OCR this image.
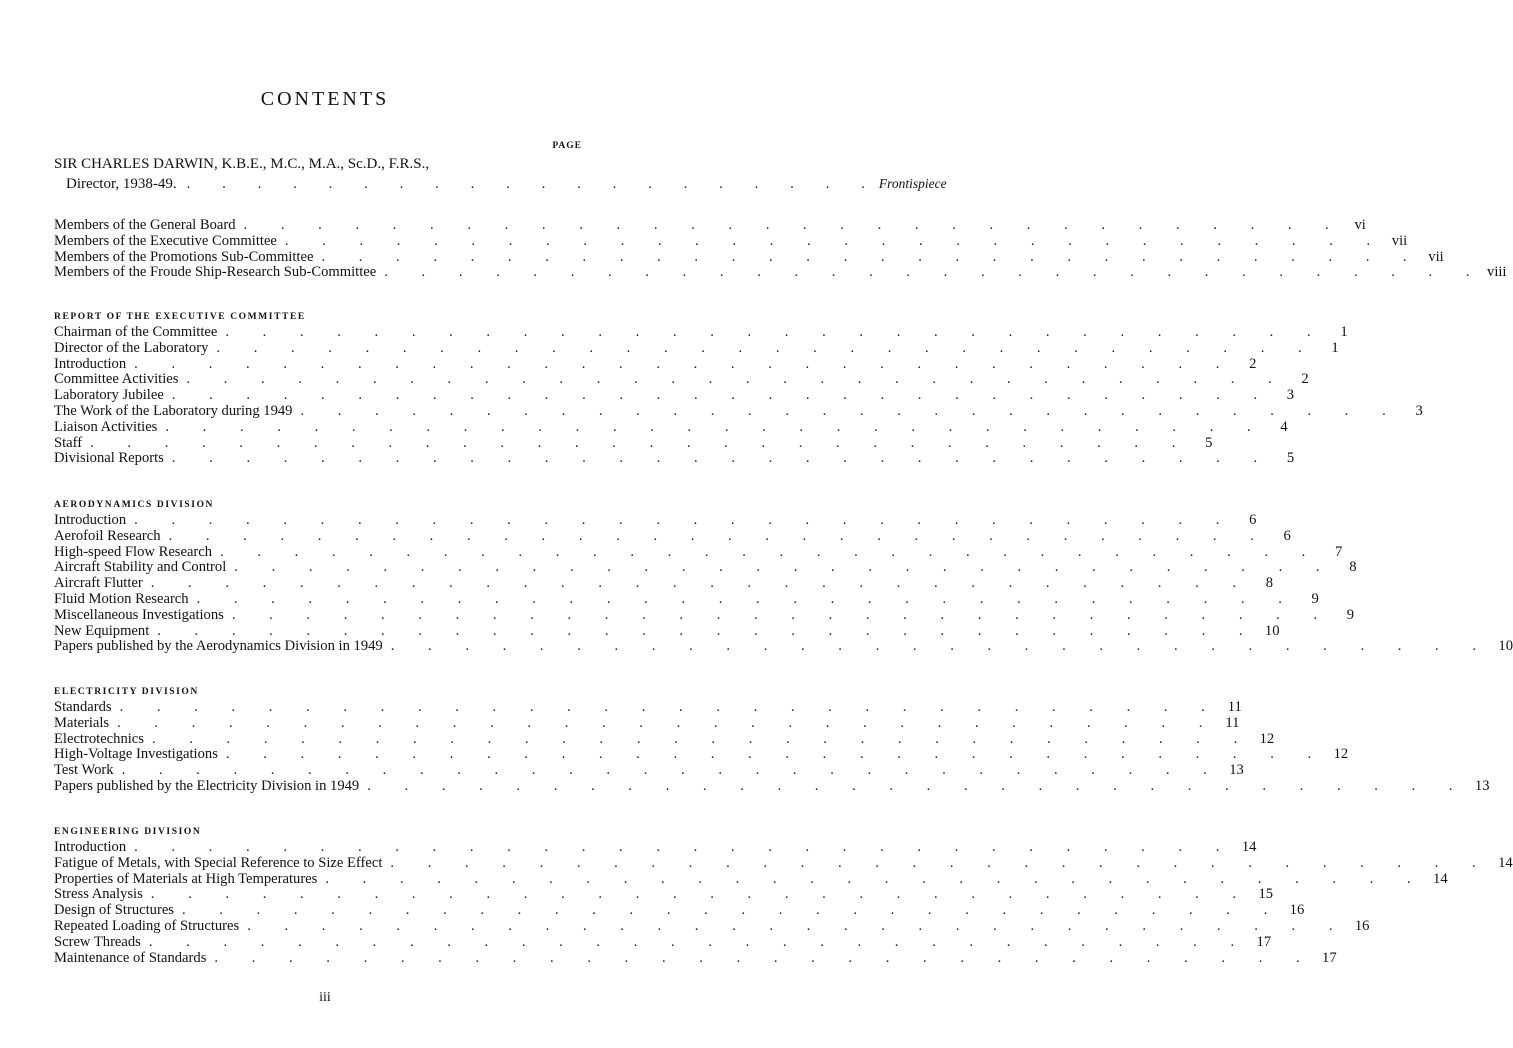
CONTENTS
PAGE
SIR CHARLES DARWIN, K.B.E., M.C., M.A., Sc.D., F.R.S.,
Director, 1938-49. . . . . . . . . . . . . . . . . . . . . Frontispiece
Members of the General Board . . . . . . . . . . . . . . . . . . . . . . . . . . . . . . vi
Members of the Executive Committee . . . . . . . . . . . . . . . . . . . . . . . . . . . . . . vii
Members of the Promotions Sub-Committee . . . . . . . . . . . . . . . . . . . . . . . . . . . . . . vii
Members of the Froude Ship-Research Sub-Committee . . . . . . . . . . . . . . . . . . . . . . . . . . . . . . viii
REPORT OF THE EXECUTIVE COMMITTEE
Chairman of the Committee . . . . . . . . . . . . . . . . . . . . . . . . . . . . . .	1
Director of the Laboratory . . . . . . . . . . . . . . . . . . . . . . . . . . . . . .	1
Introduction . . . . . . . . . . . . . . . . . . . . . . . . . . . . . .	2
Committee Activities . . . . . . . . . . . . . . . . . . . . . . . . . . . . . .	2
Laboratory Jubilee . . . . . . . . . . . . . . . . . . . . . . . . . . . . . .	3
The Work of the Laboratory during 1949 . . . . . . . . . . . . . . . . . . . . . . . . . . . . . .	3
Liaison Activities . . . . . . . . . . . . . . . . . . . . . . . . . . . . . .	4
Staff . . . . . . . . . . . . . . . . . . . . . . . . . . . . . .	5
Divisional Reports . . . . . . . . . . . . . . . . . . . . . . . . . . . . . .	5
AERODYNAMICS DIVISION
Introduction . . . . . . . . . . . . . . . . . . . . . . . . . . . . . .	6
Aerofoil Research . . . . . . . . . . . . . . . . . . . . . . . . . . . . . .	6
High-speed Flow Research . . . . . . . . . . . . . . . . . . . . . . . . . . . . . .	7
Aircraft Stability and Control . . . . . . . . . . . . . . . . . . . . . . . . . . . . . .	8
Aircraft Flutter . . . . . . . . . . . . . . . . . . . . . . . . . . . . . .	8
Fluid Motion Research . . . . . . . . . . . . . . . . . . . . . . . . . . . . . .	9
Miscellaneous Investigations . . . . . . . . . . . . . . . . . . . . . . . . . . . . . .	9
New Equipment . . . . . . . . . . . . . . . . . . . . . . . . . . . . . . 10
Papers published by the Aerodynamics Division in 1949 . . . . . . . . . . . . . . . . . . . . . . . . . . . . . . 10
ELECTRICITY DIVISION
Standards . . . . . . . . . . . . . . . . . . . . . . . . . . . . . . 11
Materials . . . . . . . . . . . . . . . . . . . . . . . . . . . . . . 11
Electrotechnics . . . . . . . . . . . . . . . . . . . . . . . . . . . . . . 12
High-Voltage Investigations . . . . . . . . . . . . . . . . . . . . . . . . . . . . . . 12
Test Work . . . . . . . . . . . . . . . . . . . . . . . . . . . . . . 13
Papers published by the Electricity Division in 1949 . . . . . . . . . . . . . . . . . . . . . . . . . . . . . . 13
ENGINEERING DIVISION
Introduction . . . . . . . . . . . . . . . . . . . . . . . . . . . . . . 14
Fatigue of Metals, with Special Reference to Size Effect . . . . . . . . . . . . . . . . . . . . . . . . . . . . . . 14
Properties of Materials at High Temperatures . . . . . . . . . . . . . . . . . . . . . . . . . . . . . . 14
Stress Analysis . . . . . . . . . . . . . . . . . . . . . . . . . . . . . . 15
Design of Structures . . . . . . . . . . . . . . . . . . . . . . . . . . . . . . 16
Repeated Loading of Structures . . . . . . . . . . . . . . . . . . . . . . . . . . . . . . 16
Screw Threads . . . . . . . . . . . . . . . . . . . . . . . . . . . . . . 17
Maintenance of Standards . . . . . . . . . . . . . . . . . . . . . . . . . . . . . . 17
iii
